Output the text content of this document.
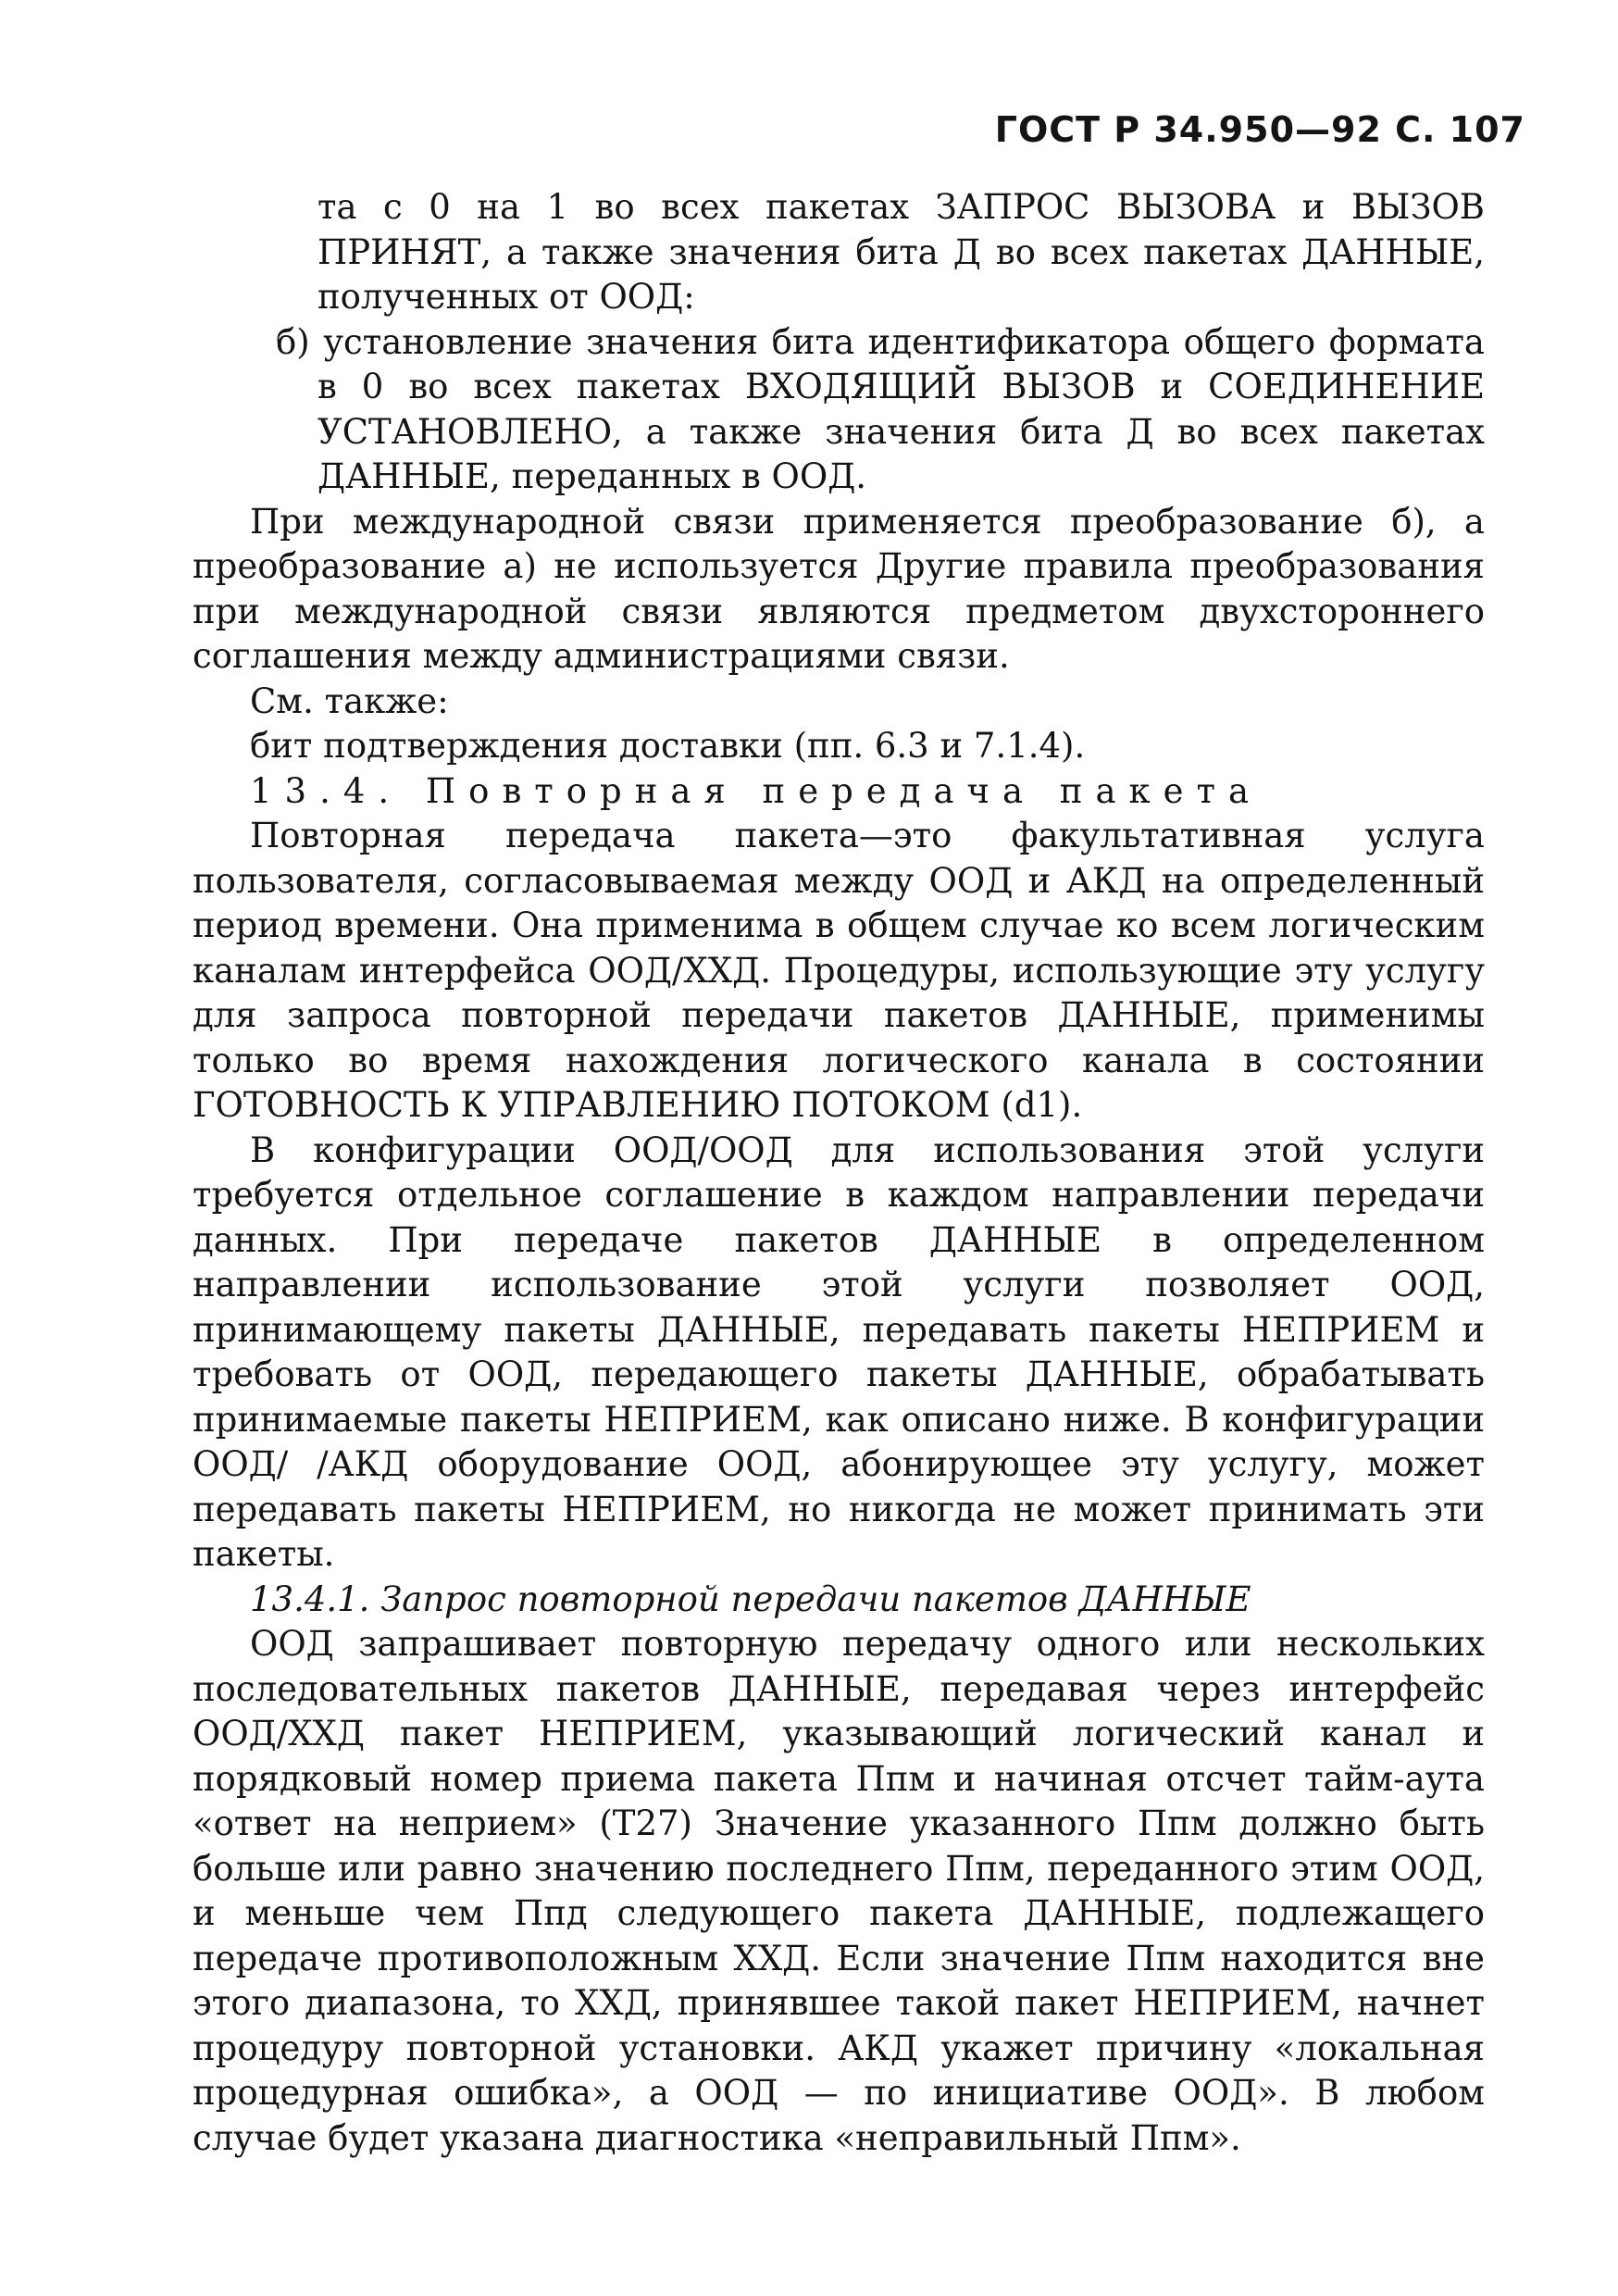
ГОСТ Р 34.950—92 С. 107

та с 0 на 1 во всех пакетах ЗАПРОС ВЫЗОВА и ВЫЗОВ ПРИНЯТ, а также значения бита Д во всех пакетах ДАННЫЕ, полученных от ООД:

б) установление значения бита идентификатора общего формата в 0 во всех пакетах ВХОДЯЩИЙ ВЫЗОВ и СОЕДИНЕНИЕ УСТАНОВЛЕНО, а также значения бита Д во всех пакетах ДАННЫЕ, переданных в ООД.

При международной связи применяется преобразование б), а преобразование а) не используется Другие правила преобразования при международной связи являются предметом двухстороннего соглашения между администрациями связи.

См. также:

бит подтверждения доставки (пп. 6.3 и 7.1.4).

13.4. Повторная передача пакета

Повторная передача пакета—это факультативная услуга пользователя, согласовываемая между ООД и АКД на определенный период времени. Она применима в общем случае ко всем логическим каналам интерфейса ООД/ХХД. Процедуры, использующие эту услугу для запроса повторной передачи пакетов ДАННЫЕ, применимы только во время нахождения логического канала в состоянии ГОТОВНОСТЬ К УПРАВЛЕНИЮ ПОТОКОМ (d1).

В конфигурации ООД/ООД для использования этой услуги требуется отдельное соглашение в каждом направлении передачи данных. При передаче пакетов ДАННЫЕ в определенном направлении использование этой услуги позволяет ООД, принимающему пакеты ДАННЫЕ, передавать пакеты НЕПРИЕМ и требовать от ООД, передающего пакеты ДАННЫЕ, обрабатывать принимаемые пакеты НЕПРИЕМ, как описано ниже. В конфигурации ООД/ /АКД оборудование ООД, абонирующее эту услугу, может передавать пакеты НЕПРИЕМ, но никогда не может принимать эти пакеты.

13.4.1. Запрос повторной передачи пакетов ДАННЫЕ

ООД запрашивает повторную передачу одного или нескольких последовательных пакетов ДАННЫЕ, передавая через интерфейс ООД/ХХД пакет НЕПРИЕМ, указывающий логический канал и порядковый номер приема пакета Ппм и начиная отсчет тайм-аута «ответ на неприем» (Т27) Значение указанного Ппм должно быть больше или равно значению последнего Ппм, переданного этим ООД, и меньше чем Ппд следующего пакета ДАННЫЕ, подлежащего передаче противоположным ХХД. Если значение Ппм находится вне этого диапазона, то ХХД, принявшее такой пакет НЕПРИЕМ, начнет процедуру повторной установки. АКД укажет причину «локальная процедурная ошибка», а ООД — по инициативе ООД». В любом случае будет указана диагностика «неправильный Ппм».
